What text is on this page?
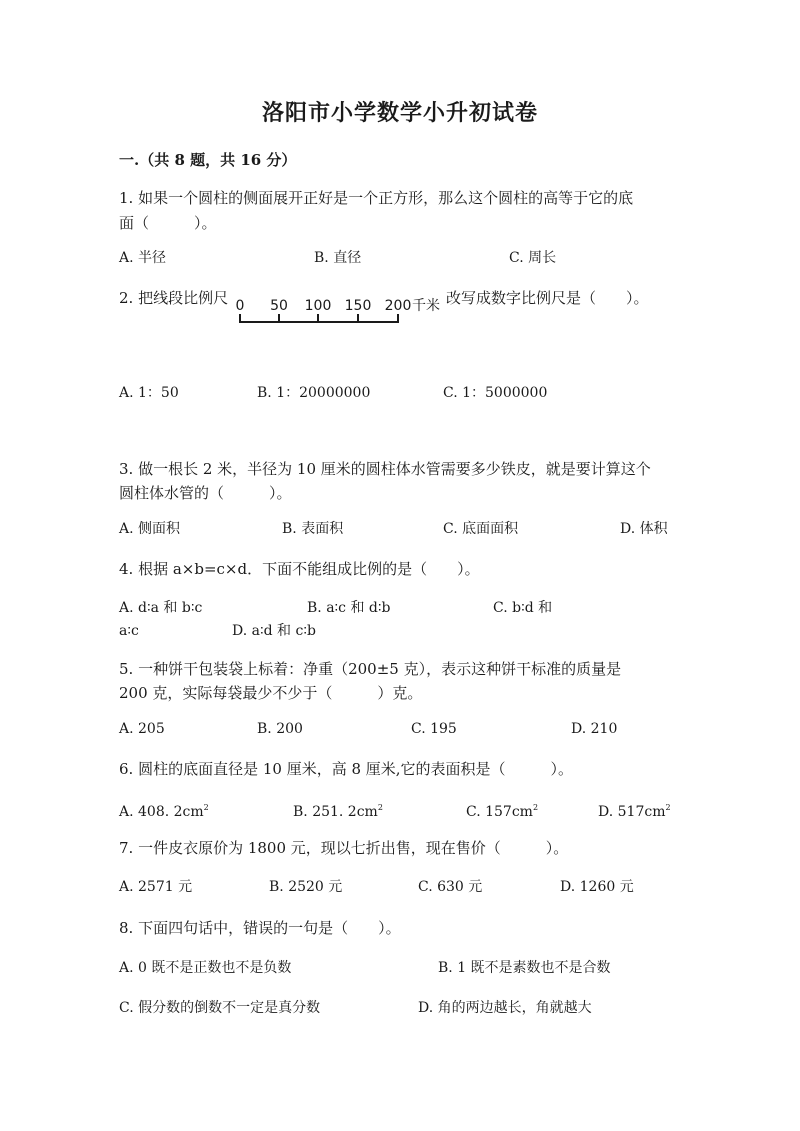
洛阳市小学数学小升初试卷
一.（共 8 题，共 16 分）
1. 如果一个圆柱的侧面展开正好是一个正方形，那么这个圆柱的高等于它的底
面（　　　）。
A. 半径	B. 直径	C. 周长
2. 把线段比例尺 0 50 100 150 200 千米 改写成数字比例尺是（　　）。
A. 1：50	B. 1：20000000	C. 1：5000000
3. 做一根长 2 米，半径为 10 厘米的圆柱体水管需要多少铁皮，就是要计算这个
圆柱体水管的（　　　）。
A. 侧面积	B. 表面积	C. 底面面积	D. 体积
4. 根据 a×b=c×d．下面不能组成比例的是（　　）。
A. d∶a 和 b∶c	B. a∶c 和 d∶b	C. b∶d 和
a∶c	D. a∶d 和 c∶b
5. 一种饼干包装袋上标着：净重（200±5 克），表示这种饼干标准的质量是
200 克，实际每袋最少不少于（　　　）克。
A. 205	B. 200	C. 195	D. 210
6. 圆柱的底面直径是 10 厘米，高 8 厘米,它的表面积是（　　　）。
A. 408. $2cm^2$	B. 251. $2cm^2$	C. $157cm^2$	D. $517cm^2$
7. 一件皮衣原价为 1800 元，现以七折出售，现在售价（　　　）。
A. 2571 元	B. 2520 元	C. 630 元	D. 1260 元
8. 下面四句话中，错误的一句是（　　）。
A. 0 既不是正数也不是负数	B. 1 既不是素数也不是合数
C. 假分数的倒数不一定是真分数	D. 角的两边越长，角就越大
